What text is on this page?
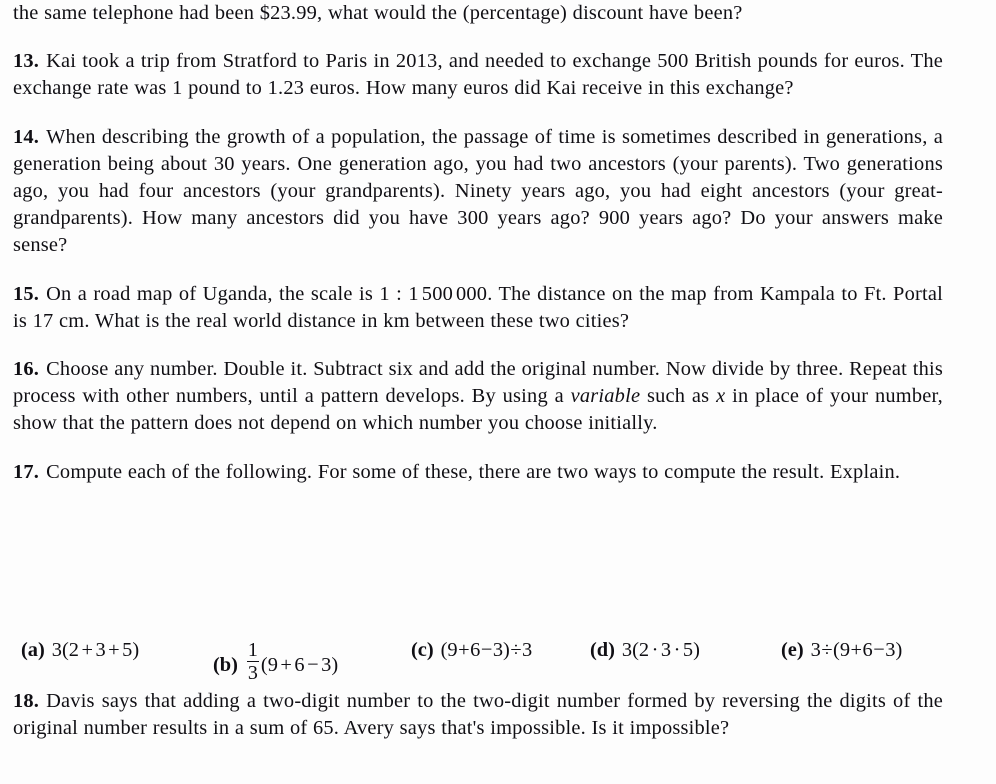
the same telephone had been $23.99, what would the (percentage) discount have been?

13. Kai took a trip from Stratford to Paris in 2013, and needed to exchange 500 British pounds for euros. The exchange rate was 1 pound to 1.23 euros. How many euros did Kai receive in this exchange?

14. When describing the growth of a population, the passage of time is sometimes described in generations, a generation being about 30 years. One generation ago, you had two ancestors (your parents). Two generations ago, you had four ancestors (your grandparents). Ninety years ago, you had eight ancestors (your great-grandparents). How many ancestors did you have 300 years ago? 900 years ago? Do your answers make sense?

15. On a road map of Uganda, the scale is 1 : 1 500 000. The distance on the map from Kampala to Ft. Portal is 17 cm. What is the real world distance in km between these two cities?

16. Choose any number. Double it. Subtract six and add the original number. Now divide by three. Repeat this process with other numbers, until a pattern develops. By using a variable such as x in place of your number, show that the pattern does not depend on which number you choose initially.

17. Compute each of the following. For some of these, there are two ways to compute the result. Explain.

(a) 3(2 + 3 + 5)
$(b) \frac{1}{3} (9 + 6 - 3)$
(c) (9+6−3)÷3	(d) 3(2 · 3 · 5)	(e) 3÷(9+6−3)

18. Davis says that adding a two-digit number to the two-digit number formed by reversing the digits of the original number results in a sum of 65. Avery says that's impossible. Is it impossible?
